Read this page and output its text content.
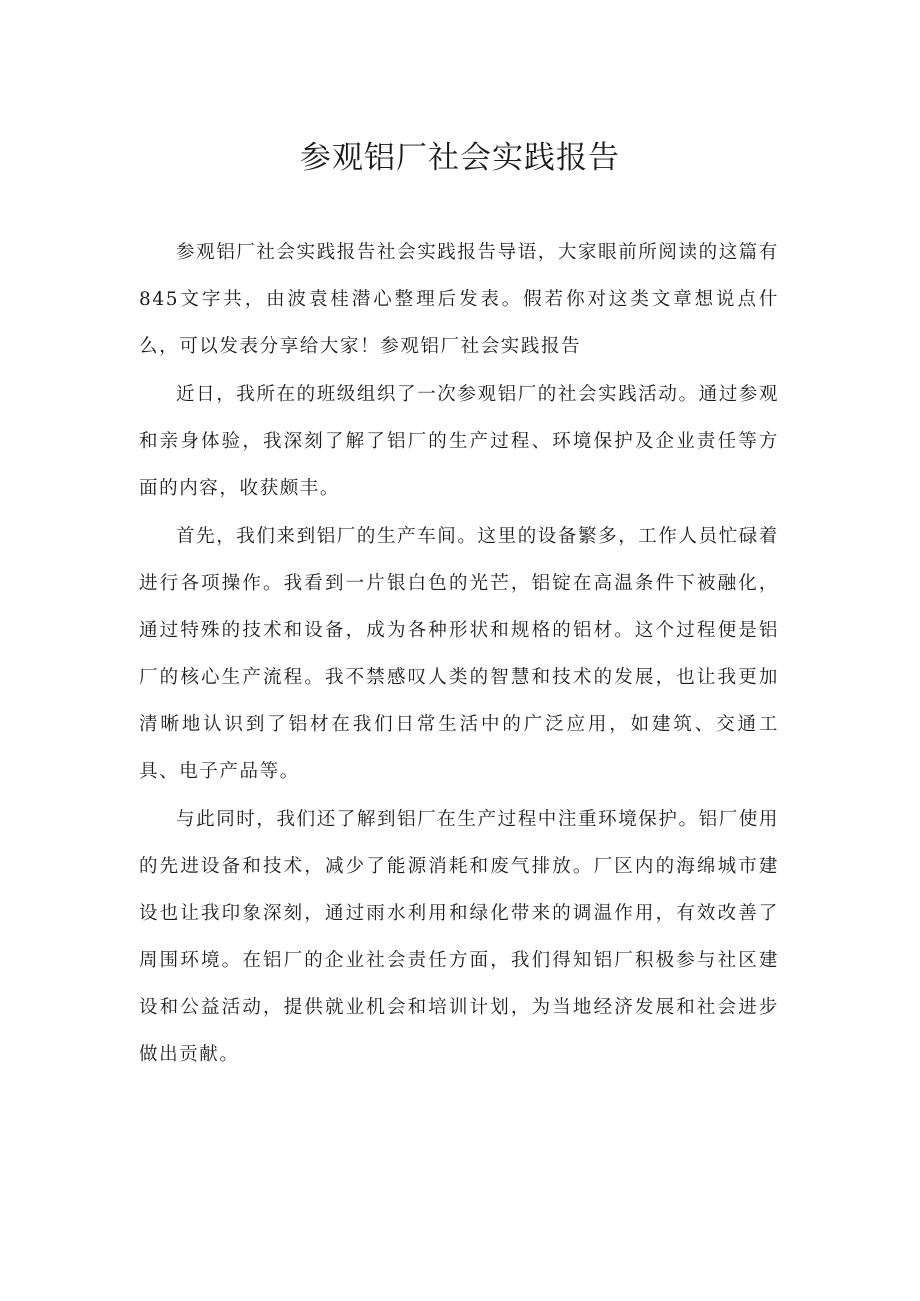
参观铝厂社会实践报告

参观铝厂社会实践报告社会实践报告导语，大家眼前所阅读的这篇有845文字共，由波袁桂潜心整理后发表。假若你对这类文章想说点什么，可以发表分享给大家！参观铝厂社会实践报告

近日，我所在的班级组织了一次参观铝厂的社会实践活动。通过参观和亲身体验，我深刻了解了铝厂的生产过程、环境保护及企业责任等方面的内容，收获颇丰。

首先，我们来到铝厂的生产车间。这里的设备繁多，工作人员忙碌着进行各项操作。我看到一片银白色的光芒，铝锭在高温条件下被融化，通过特殊的技术和设备，成为各种形状和规格的铝材。这个过程便是铝厂的核心生产流程。我不禁感叹人类的智慧和技术的发展，也让我更加清晰地认识到了铝材在我们日常生活中的广泛应用，如建筑、交通工具、电子产品等。

与此同时，我们还了解到铝厂在生产过程中注重环境保护。铝厂使用的先进设备和技术，减少了能源消耗和废气排放。厂区内的海绵城市建设也让我印象深刻，通过雨水利用和绿化带来的调温作用，有效改善了周围环境。在铝厂的企业社会责任方面，我们得知铝厂积极参与社区建设和公益活动，提供就业机会和培训计划，为当地经济发展和社会进步做出贡献。
